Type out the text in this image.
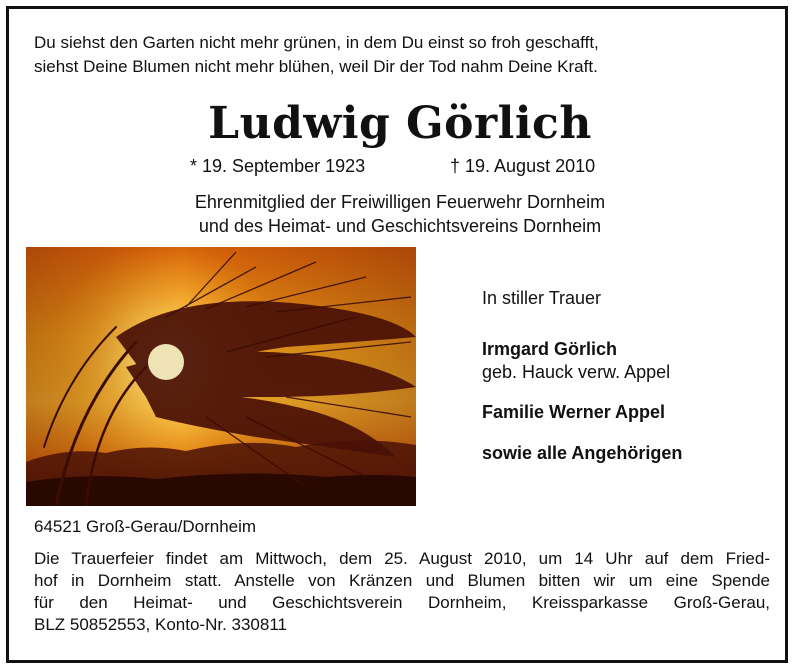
Du siehst den Garten nicht mehr grünen, in dem Du einst so froh geschafft,
siehst Deine Blumen nicht mehr blühen, weil Dir der Tod nahm Deine Kraft.
Ludwig Görlich
* 19. September 1923	† 19. August 2010
Ehrenmitglied der Freiwilligen Feuerwehr Dornheim
und des Heimat- und Geschichtsvereins Dornheim
In stiller Trauer
Irmgard Görlich
geb. Hauck verw. Appel
Familie Werner Appel
sowie alle Angehörigen
64521 Groß-Gerau/Dornheim
Die Trauerfeier findet am Mittwoch, dem 25. August 2010, um 14 Uhr auf dem Fried-
hof in Dornheim statt. Anstelle von Kränzen und Blumen bitten wir um eine Spende
für den Heimat- und Geschichtsverein Dornheim, Kreissparkasse Groß-Gerau,
BLZ 50852553, Konto-Nr. 330811
